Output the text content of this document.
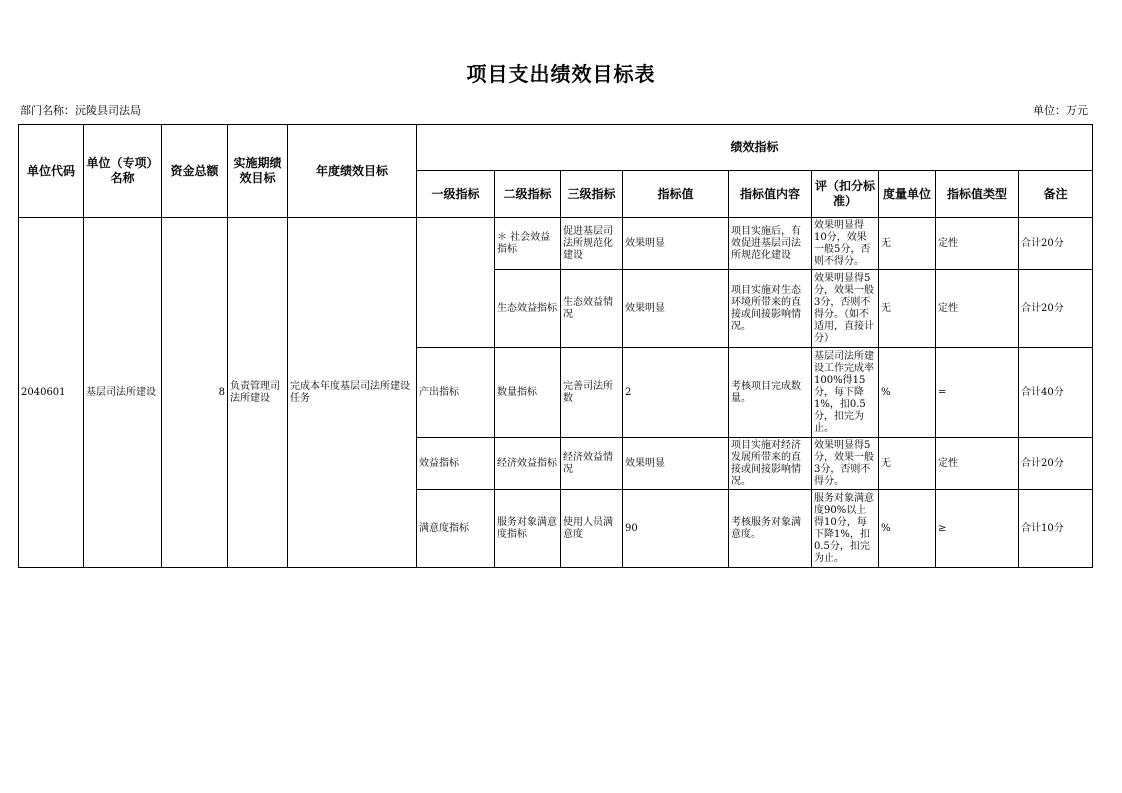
项目支出绩效目标表
部门名称：沅陵县司法局	单位：万元
单位代码	单位（专项）名称	资金总额	实施期绩效目标	年度绩效目标	绩效指标								
					一级指标	二级指标	三级指标	指标值	指标值内容	评（扣分标准）	度量单位	指标值类型	备注
2040601	基层司法所建设	8	负责管理司法所建设	完成本年度基层司法所建设任务		＊ 社会效益指标	促进基层司法所规范化建设	效果明显	项目实施后，有效促进基层司法所规范化建设	效果明显得10分，效果一般5分，否则不得分。	无	定性	合计20分
						生态效益指标	生态效益情况	效果明显	项目实施对生态环境所带来的直接或间接影响情况。	效果明显得5分，效果一般3分，否则不得分。（如不适用，直接计分）	无	定性	合计20分
					产出指标	数量指标	完善司法所数	2	考核项目完成数量。	基层司法所建设工作完成率100%得15分，每下降1%，扣0.5分，扣完为止。	%	=	合计40分
					效益指标	经济效益指标	经济效益情况	效果明显	项目实施对经济发展所带来的直接或间接影响情况。	效果明显得5分，效果一般3分，否则不得分。	无	定性	合计20分
					满意度指标	服务对象满意度指标	使用人员满意度	90	考核服务对象满意度。	服务对象满意度90%以上得10分，每下降1%，扣0.5分，扣完为止。	%	≥	合计10分
